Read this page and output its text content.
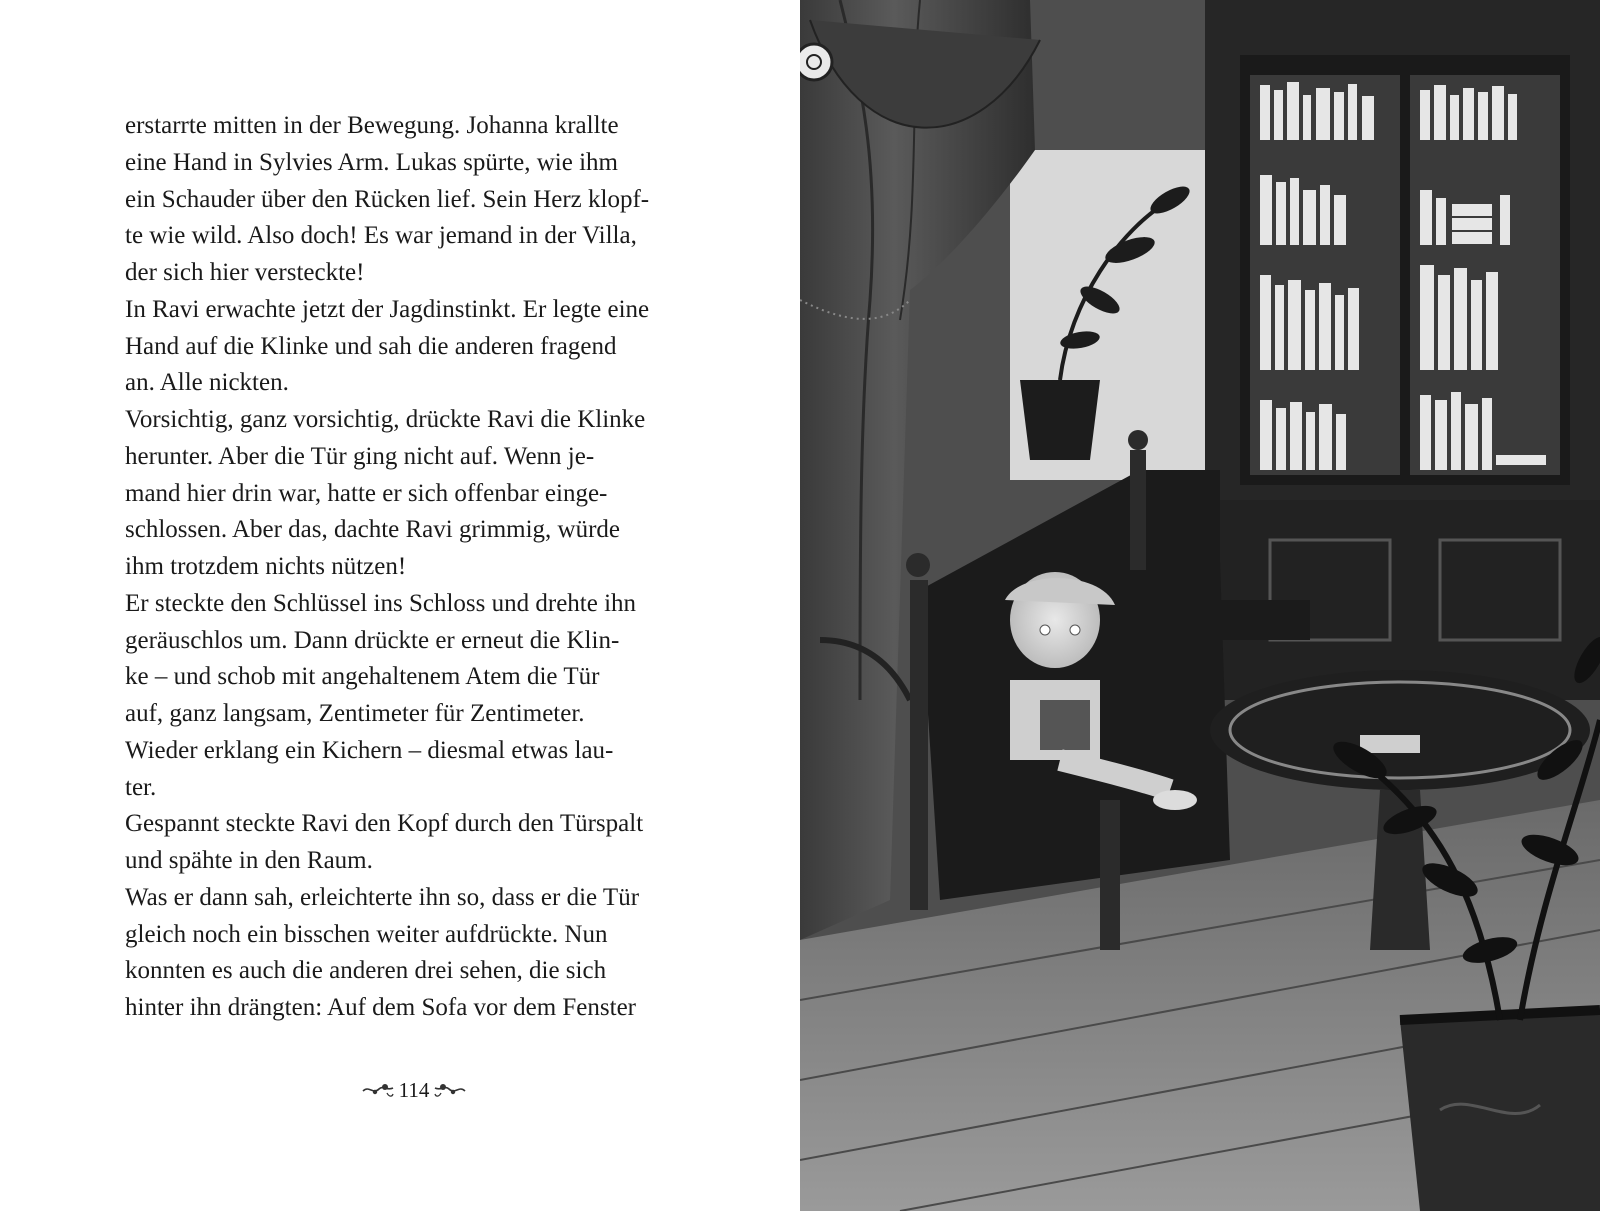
erstarrte mitten in der Bewegung. Johanna krallte
eine Hand in Sylvies Arm. Lukas spürte, wie ihm
ein Schauder über den Rücken lief. Sein Herz klopf-
te wie wild. Also doch! Es war jemand in der Villa,
der sich hier versteckte!
In Ravi erwachte jetzt der Jagdinstinkt. Er legte eine
Hand auf die Klinke und sah die anderen fragend
an. Alle nickten.
Vorsichtig, ganz vorsichtig, drückte Ravi die Klinke
herunter. Aber die Tür ging nicht auf. Wenn je-
mand hier drin war, hatte er sich offenbar einge-
schlossen. Aber das, dachte Ravi grimmig, würde
ihm trotzdem nichts nützen!
Er steckte den Schlüssel ins Schloss und drehte ihn
geräuschlos um. Dann drückte er erneut die Klin-
ke – und schob mit angehaltenem Atem die Tür
auf, ganz langsam, Zentimeter für Zentimeter.
Wieder erklang ein Kichern – diesmal etwas lau-
ter.
Gespannt steckte Ravi den Kopf durch den Türspalt
und spähte in den Raum.
Was er dann sah, erleichterte ihn so, dass er die Tür
gleich noch ein bisschen weiter aufdrückte. Nun
konnten es auch die anderen drei sehen, die sich
hinter ihn drängten: Auf dem Sofa vor dem Fenster
114
